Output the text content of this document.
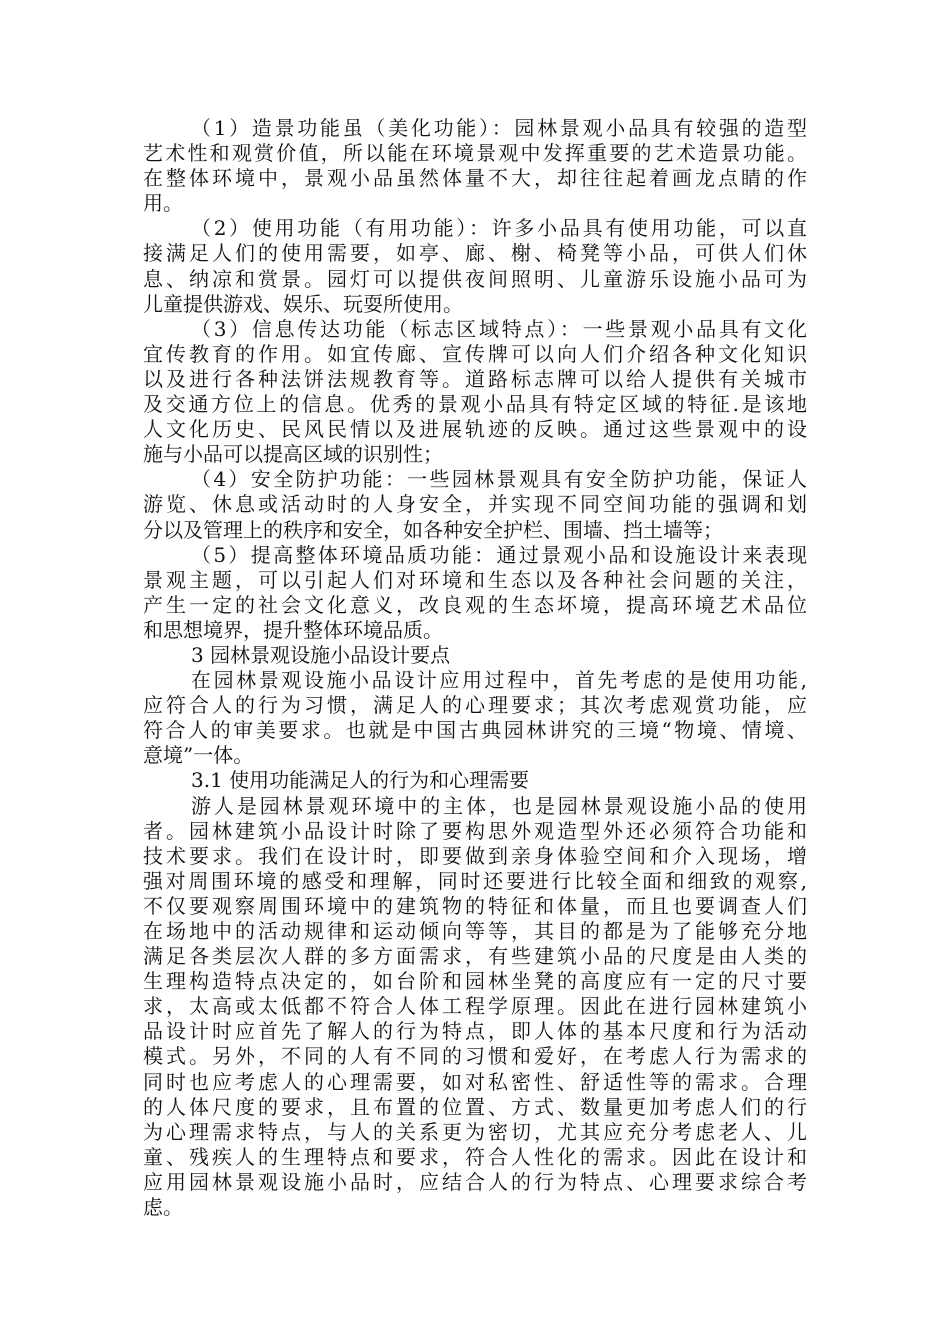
（1）造景功能虽（美化功能）：园林景观小品具有较强的造型
艺术性和观赏价值，所以能在环境景观中发挥重要的艺术造景功能。
在整体环境中，景观小品虽然体量不大，却往往起着画龙点睛的作
用。
（2）使用功能（有用功能）：许多小品具有使用功能，可以直
接满足人们的使用需要，如亭、廊、榭、椅凳等小品，可供人们休
息、纳凉和赏景。园灯可以提供夜间照明、儿童游乐设施小品可为
儿童提供游戏、娱乐、玩耍所使用。
（3）信息传达功能（标志区域特点）：一些景观小品具有文化
宜传教育的作用。如宜传廊、宣传牌可以向人们介绍各种文化知识
以及进行各种法饼法规教育等。道路标志牌可以给人提供有关城市
及交通方位上的信息。优秀的景观小品具有特定区域的特征.是该地
人文化历史、民风民情以及进展轨迹的反映。通过这些景观中的设
施与小品可以提高区域的识别性；
（4）安全防护功能：一些园林景观具有安全防护功能，保证人
游览、休息或活动时的人身安全，并实现不同空间功能的强调和划
分以及管理上的秩序和安全，如各种安全护栏、围墙、挡土墙等；
（5）提高整体环境品质功能：通过景观小品和设施设计来表现
景观主题，可以引起人们对环境和生态以及各种社会问题的关注，
产生一定的社会文化意义，改良观的生态坏境，提高环境艺术品位
和思想境界，提升整体环境品质。
3 园林景观设施小品设计要点
在园林景观设施小品设计应用过程中，首先考虑的是使用功能,
应符合人的行为习惯，满足人的心理要求；其次考虑观赏功能，应
符合人的审美要求。也就是中国古典园林讲究的三境“物境、情境、
意境”一体。
3.1 使用功能满足人的行为和心理需要
游人是园林景观环境中的主体，也是园林景观设施小品的使用
者。园林建筑小品设计时除了要构思外观造型外还必须符合功能和
技术要求。我们在设计时，即要做到亲身体验空间和介入现场，增
强对周围环境的感受和理解，同时还要进行比较全面和细致的观察,
不仅要观察周围环境中的建筑物的特征和体量，而且也要调查人们
在场地中的活动规律和运动倾向等等，其目的都是为了能够充分地
满足各类层次人群的多方面需求，有些建筑小品的尺度是由人类的
生理构造特点决定的，如台阶和园林坐凳的高度应有一定的尺寸要
求，太高或太低都不符合人体工程学原理。因此在进行园林建筑小
品设计时应首先了解人的行为特点，即人体的基本尺度和行为活动
模式。另外，不同的人有不同的习惯和爱好，在考虑人行为需求的
同时也应考虑人的心理需要，如对私密性、舒适性等的需求。合理
的人体尺度的要求，且布置的位置、方式、数量更加考虑人们的行
为心理需求特点，与人的关系更为密切，尤其应充分考虑老人、儿
童、残疾人的生理特点和要求，符合人性化的需求。因此在设计和
应用园林景观设施小品时，应结合人的行为特点、心理要求综合考
虑。
